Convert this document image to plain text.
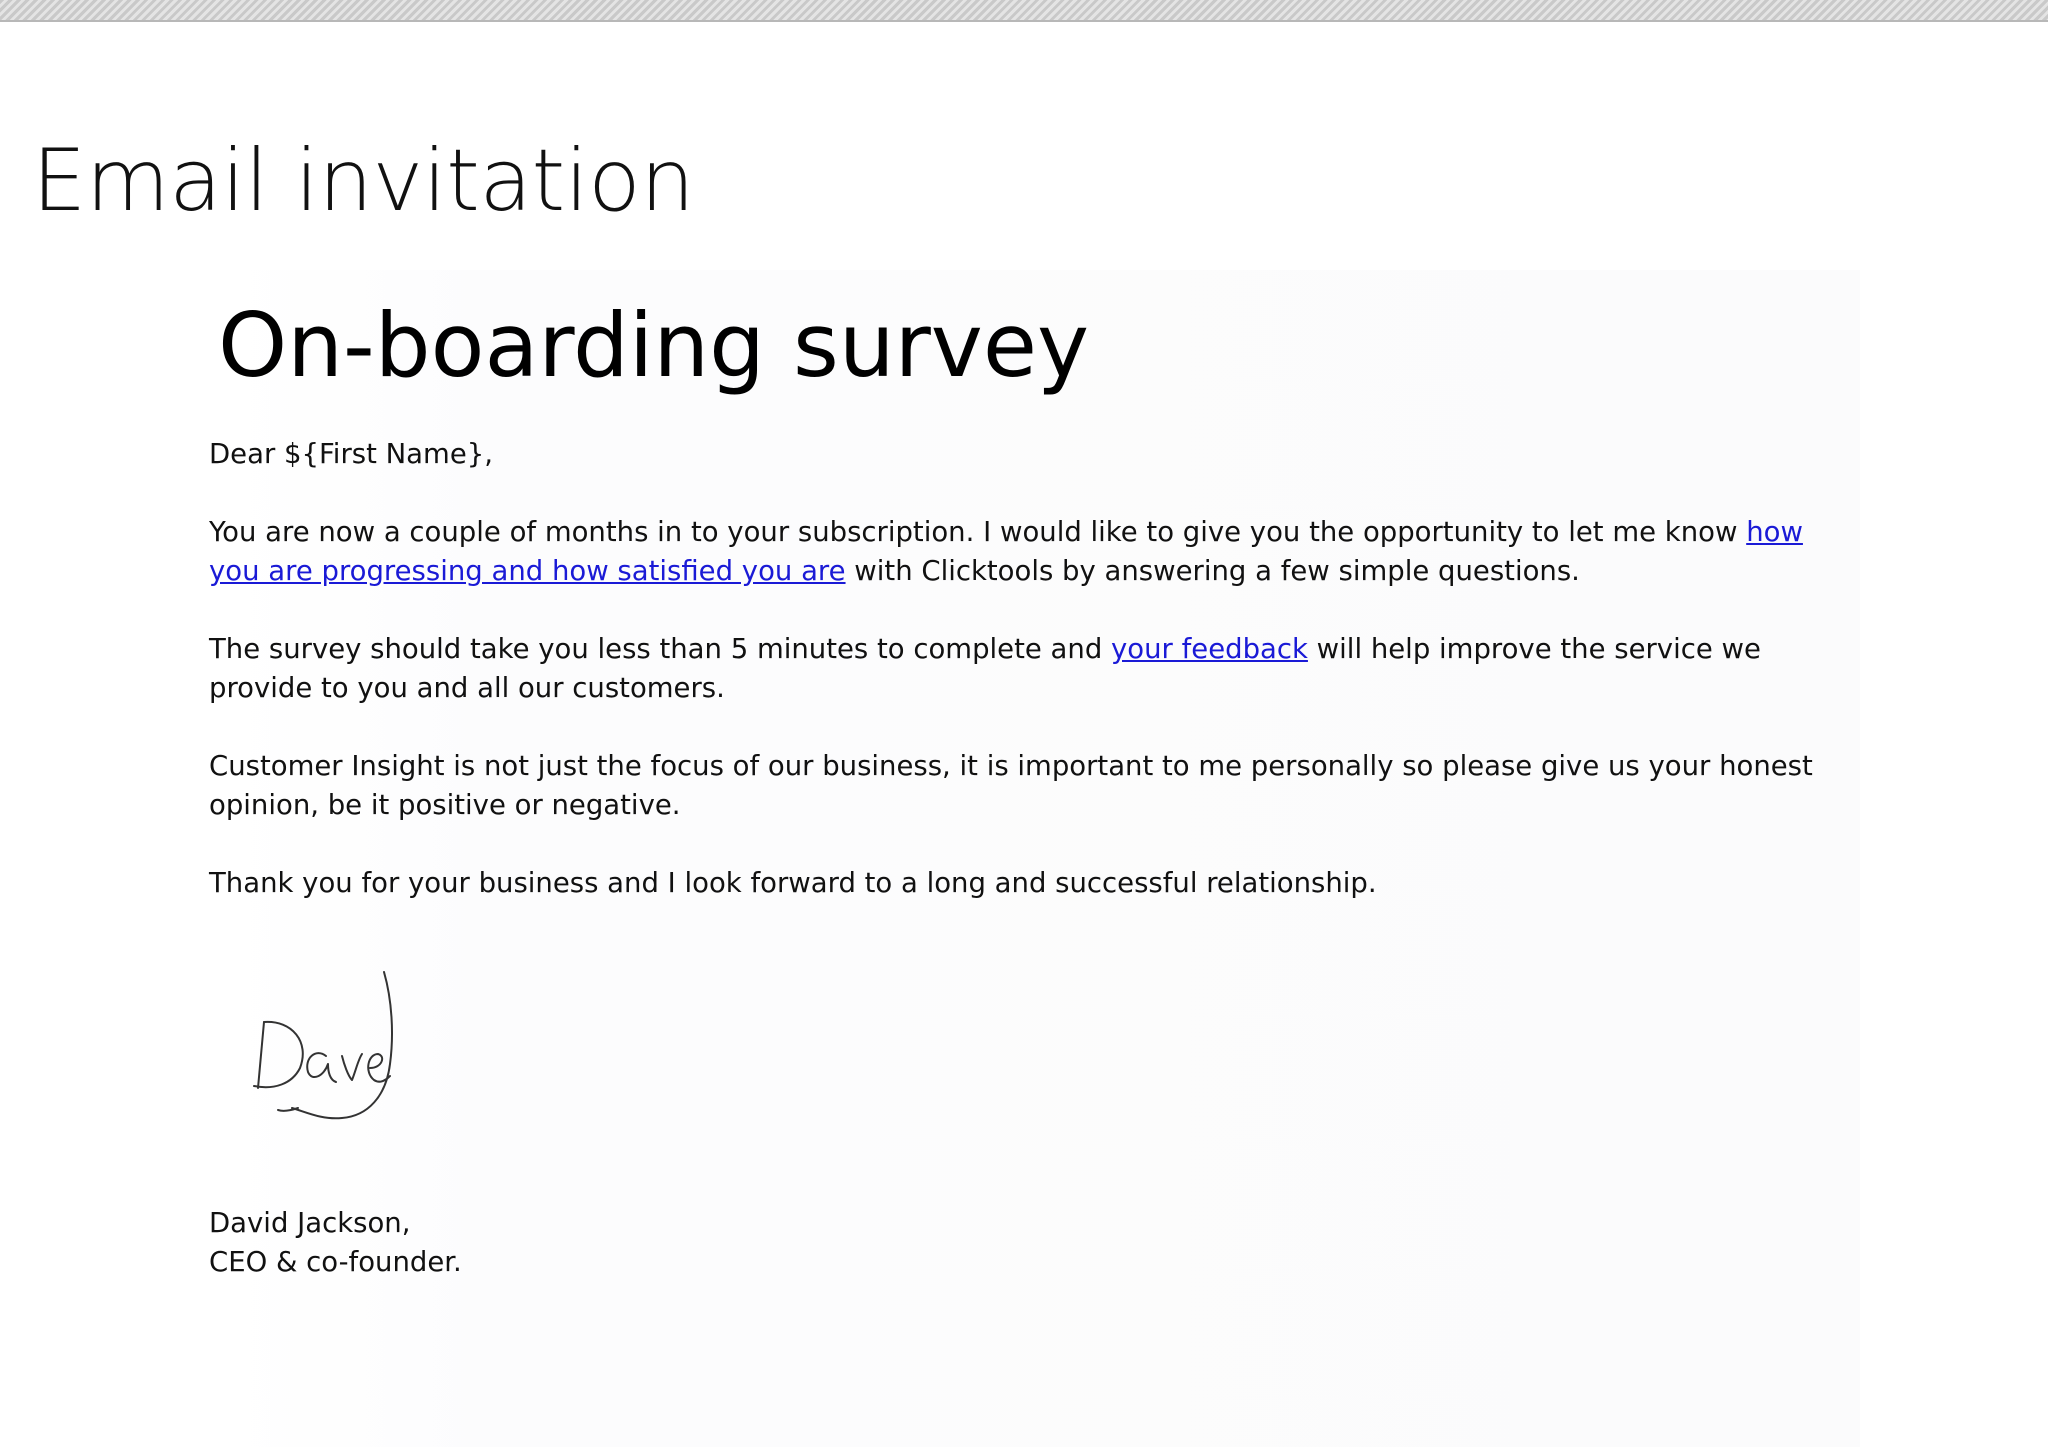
Email invitation
On-boarding survey

Dear ${First Name},

You are now a couple of months in to your subscription. I would like to give you the opportunity to let me know how you are progressing and how satisfied you are with Clicktools by answering a few simple questions.

The survey should take you less than 5 minutes to complete and your feedback will help improve the service we provide to you and all our customers.

Customer Insight is not just the focus of our business, it is important to me personally so please give us your honest opinion, be it positive or negative.

Thank you for your business and I look forward to a long and successful relationship.

David Jackson,
CEO & co-founder.
